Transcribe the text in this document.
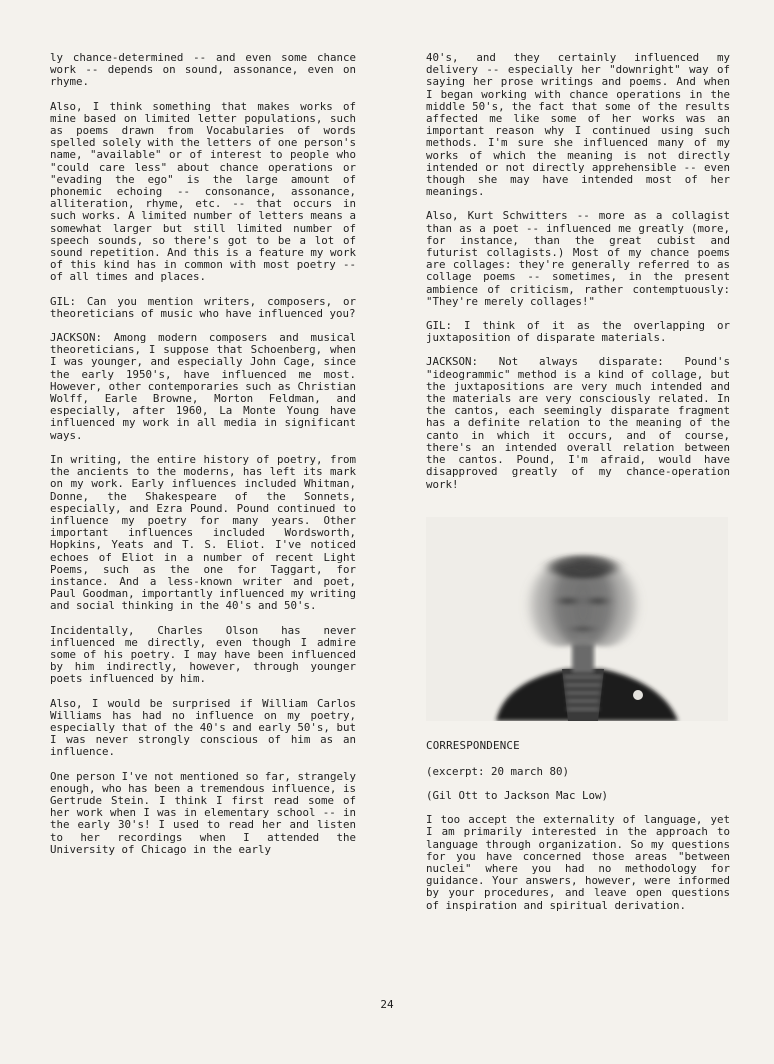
ly chance-determined -- and even some chance work -- depends on sound, assonance, even on rhyme.

Also, I think something that makes works of mine based on limited letter populations, such as poems drawn from Vocabularies of words spelled solely with the letters of one person's name, "available" or of interest to people who "could care less" about chance operations or "evading the ego" is the large amount of phonemic echoing -- consonance, assonance, alliteration, rhyme, etc. -- that occurs in such works. A limited number of letters means a somewhat larger but still limited number of speech sounds, so there's got to be a lot of sound repetition. And this is a feature my work of this kind has in common with most poetry -- of all times and places.

GIL: Can you mention writers, composers, or theoreticians of music who have influenced you?

JACKSON: Among modern composers and musical theoreticians, I suppose that Schoenberg, when I was younger, and especially John Cage, since the early 1950's, have influenced me most. However, other contemporaries such as Christian Wolff, Earle Browne, Morton Feldman, and especially, after 1960, La Monte Young have influenced my work in all media in significant ways.

In writing, the entire history of poetry, from the ancients to the moderns, has left its mark on my work. Early influences included Whitman, Donne, the Shakespeare of the Sonnets, especially, and Ezra Pound. Pound continued to influence my poetry for many years. Other important influences included Wordsworth, Hopkins, Yeats and T. S. Eliot. I've noticed echoes of Eliot in a number of recent Light Poems, such as the one for Taggart, for instance. And a less-known writer and poet, Paul Goodman, importantly influenced my writing and social thinking in the 40's and 50's.

Incidentally, Charles Olson has never influenced me directly, even though I admire some of his poetry. I may have been influenced by him indirectly, however, through younger poets influenced by him.

Also, I would be surprised if William Carlos Williams has had no influence on my poetry, especially that of the 40's and early 50's, but I was never strongly conscious of him as an influence.

One person I've not mentioned so far, strangely enough, who has been a tremendous influence, is Gertrude Stein. I think I first read some of her work when I was in elementary school -- in the early 30's! I used to read her and listen to her recordings when I attended the University of Chicago in the early

40's, and they certainly influenced my delivery -- especially her "downright" way of saying her prose writings and poems. And when I began working with chance operations in the middle 50's, the fact that some of the results affected me like some of her works was an important reason why I continued using such methods. I'm sure she influenced many of my works of which the meaning is not directly intended or not directly apprehensible -- even though she may have intended most of her meanings.

Also, Kurt Schwitters -- more as a collagist than as a poet -- influenced me greatly (more, for instance, than the great cubist and futurist collagists.) Most of my chance poems are collages: they're generally referred to as collage poems -- sometimes, in the present ambience of criticism, rather contemptuously: "They're merely collages!"

GIL: I think of it as the overlapping or juxtaposition of disparate materials.

JACKSON: Not always disparate: Pound's "ideogrammic" method is a kind of collage, but the juxtapositions are very much intended and the materials are very consciously related. In the cantos, each seemingly disparate fragment has a definite relation to the meaning of the canto in which it occurs, and of course, there's an intended overall relation between the cantos. Pound, I'm afraid, would have disapproved greatly of my chance-operation work!

CORRESPONDENCE

(excerpt: 20 march 80)

(Gil Ott to Jackson Mac Low)

I too accept the externality of language, yet I am primarily interested in the approach to language through organization. So my questions for you have concerned those areas "between nuclei" where you had no methodology for guidance. Your answers, however, were informed by your procedures, and leave open questions of inspiration and spiritual derivation.

24
